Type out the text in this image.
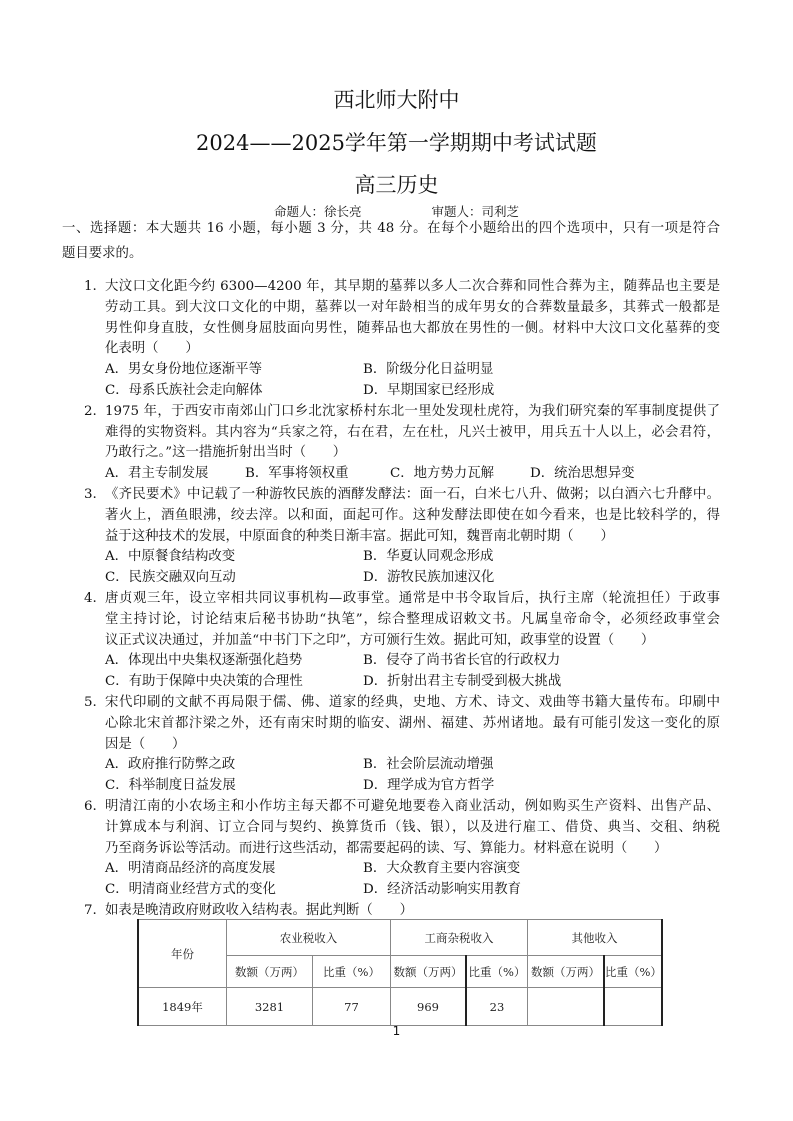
西北师大附中
2024——2025学年第一学期期中考试试题
高三历史
命题人：徐长亮	审题人：司利芝
一、选择题：本大题共 16 小题，每小题 3 分，共 48 分。在每个小题给出的四个选项中，只有一项是符合
题目要求的。
1. 大汶口文化距今约 6300—4200 年，其早期的墓葬以多人二次合葬和同性合葬为主，随葬品也主要是
劳动工具。到大汶口文化的中期，墓葬以一对年龄相当的成年男女的合葬数量最多，其葬式一般都是
男性仰身直肢，女性侧身屈肢面向男性，随葬品也大都放在男性的一侧。材料中大汶口文化墓葬的变
化表明（　　）
A．男女身份地位逐渐平等	B．阶级分化日益明显
C．母系氏族社会走向解体	D．早期国家已经形成
2. 1975 年，于西安市南郊山门口乡北沈家桥村东北一里处发现杜虎符，为我们研究秦的军事制度提供了
难得的实物资料。其内容为“兵家之符，右在君，左在杜，凡兴士被甲，用兵五十人以上，必会君符，
乃敢行之。”这一措施折射出当时（　　）
A．君主专制发展	B．军事将领权重	C．地方势力瓦解	D．统治思想异变
3. 《齐民要术》中记载了一种游牧民族的酒酵发酵法：面一石，白米七八升、做粥；以白酒六七升酵中。
著火上，酒鱼眼沸，绞去滓。以和面，面起可作。这种发酵法即使在如今看来，也是比较科学的，得
益于这种技术的发展，中原面食的种类日渐丰富。据此可知，魏晋南北朝时期（　　）
A．中原餐食结构改变	B．华夏认同观念形成
C．民族交融双向互动	D．游牧民族加速汉化
4. 唐贞观三年，设立宰相共同议事机构—政事堂。通常是中书令取旨后，执行主席（轮流担任）于政事
堂主持讨论，讨论结束后秘书协助“执笔”，综合整理成诏敕文书。凡属皇帝命令，必须经政事堂会
议正式议决通过，并加盖“中书门下之印”，方可颁行生效。据此可知，政事堂的设置（　　）
A．体现出中央集权逐渐强化趋势	B．侵夺了尚书省长官的行政权力
C．有助于保障中央决策的合理性	D．折射出君主专制受到极大挑战
5. 宋代印刷的文献不再局限于儒、佛、道家的经典，史地、方术、诗文、戏曲等书籍大量传布。印刷中
心除北宋首都汴梁之外，还有南宋时期的临安、湖州、福建、苏州诸地。最有可能引发这一变化的原
因是（　　）
A．政府推行防弊之政	B．社会阶层流动增强
C．科举制度日益发展	D．理学成为官方哲学
6. 明清江南的小农场主和小作坊主每天都不可避免地要卷入商业活动，例如购买生产资料、出售产品、
计算成本与利润、订立合同与契约、换算货币（钱、银），以及进行雇工、借贷、典当、交租、纳税
乃至商务诉讼等活动。而进行这些活动，都需要起码的读、写、算能力。材料意在说明（　　）
A．明清商品经济的高度发展	B．大众教育主要内容演变
C．明清商业经营方式的变化	D．经济活动影响实用教育
7. 如表是晚清政府财政收入结构表。据此判断（　　）
年份	农业税收入		工商杂税收入		其他收入	
	数额（万两）	比重（%）	数额（万两）	比重（%）	数额（万两）	比重（%）
1849年	3281	77	969	23		
1
